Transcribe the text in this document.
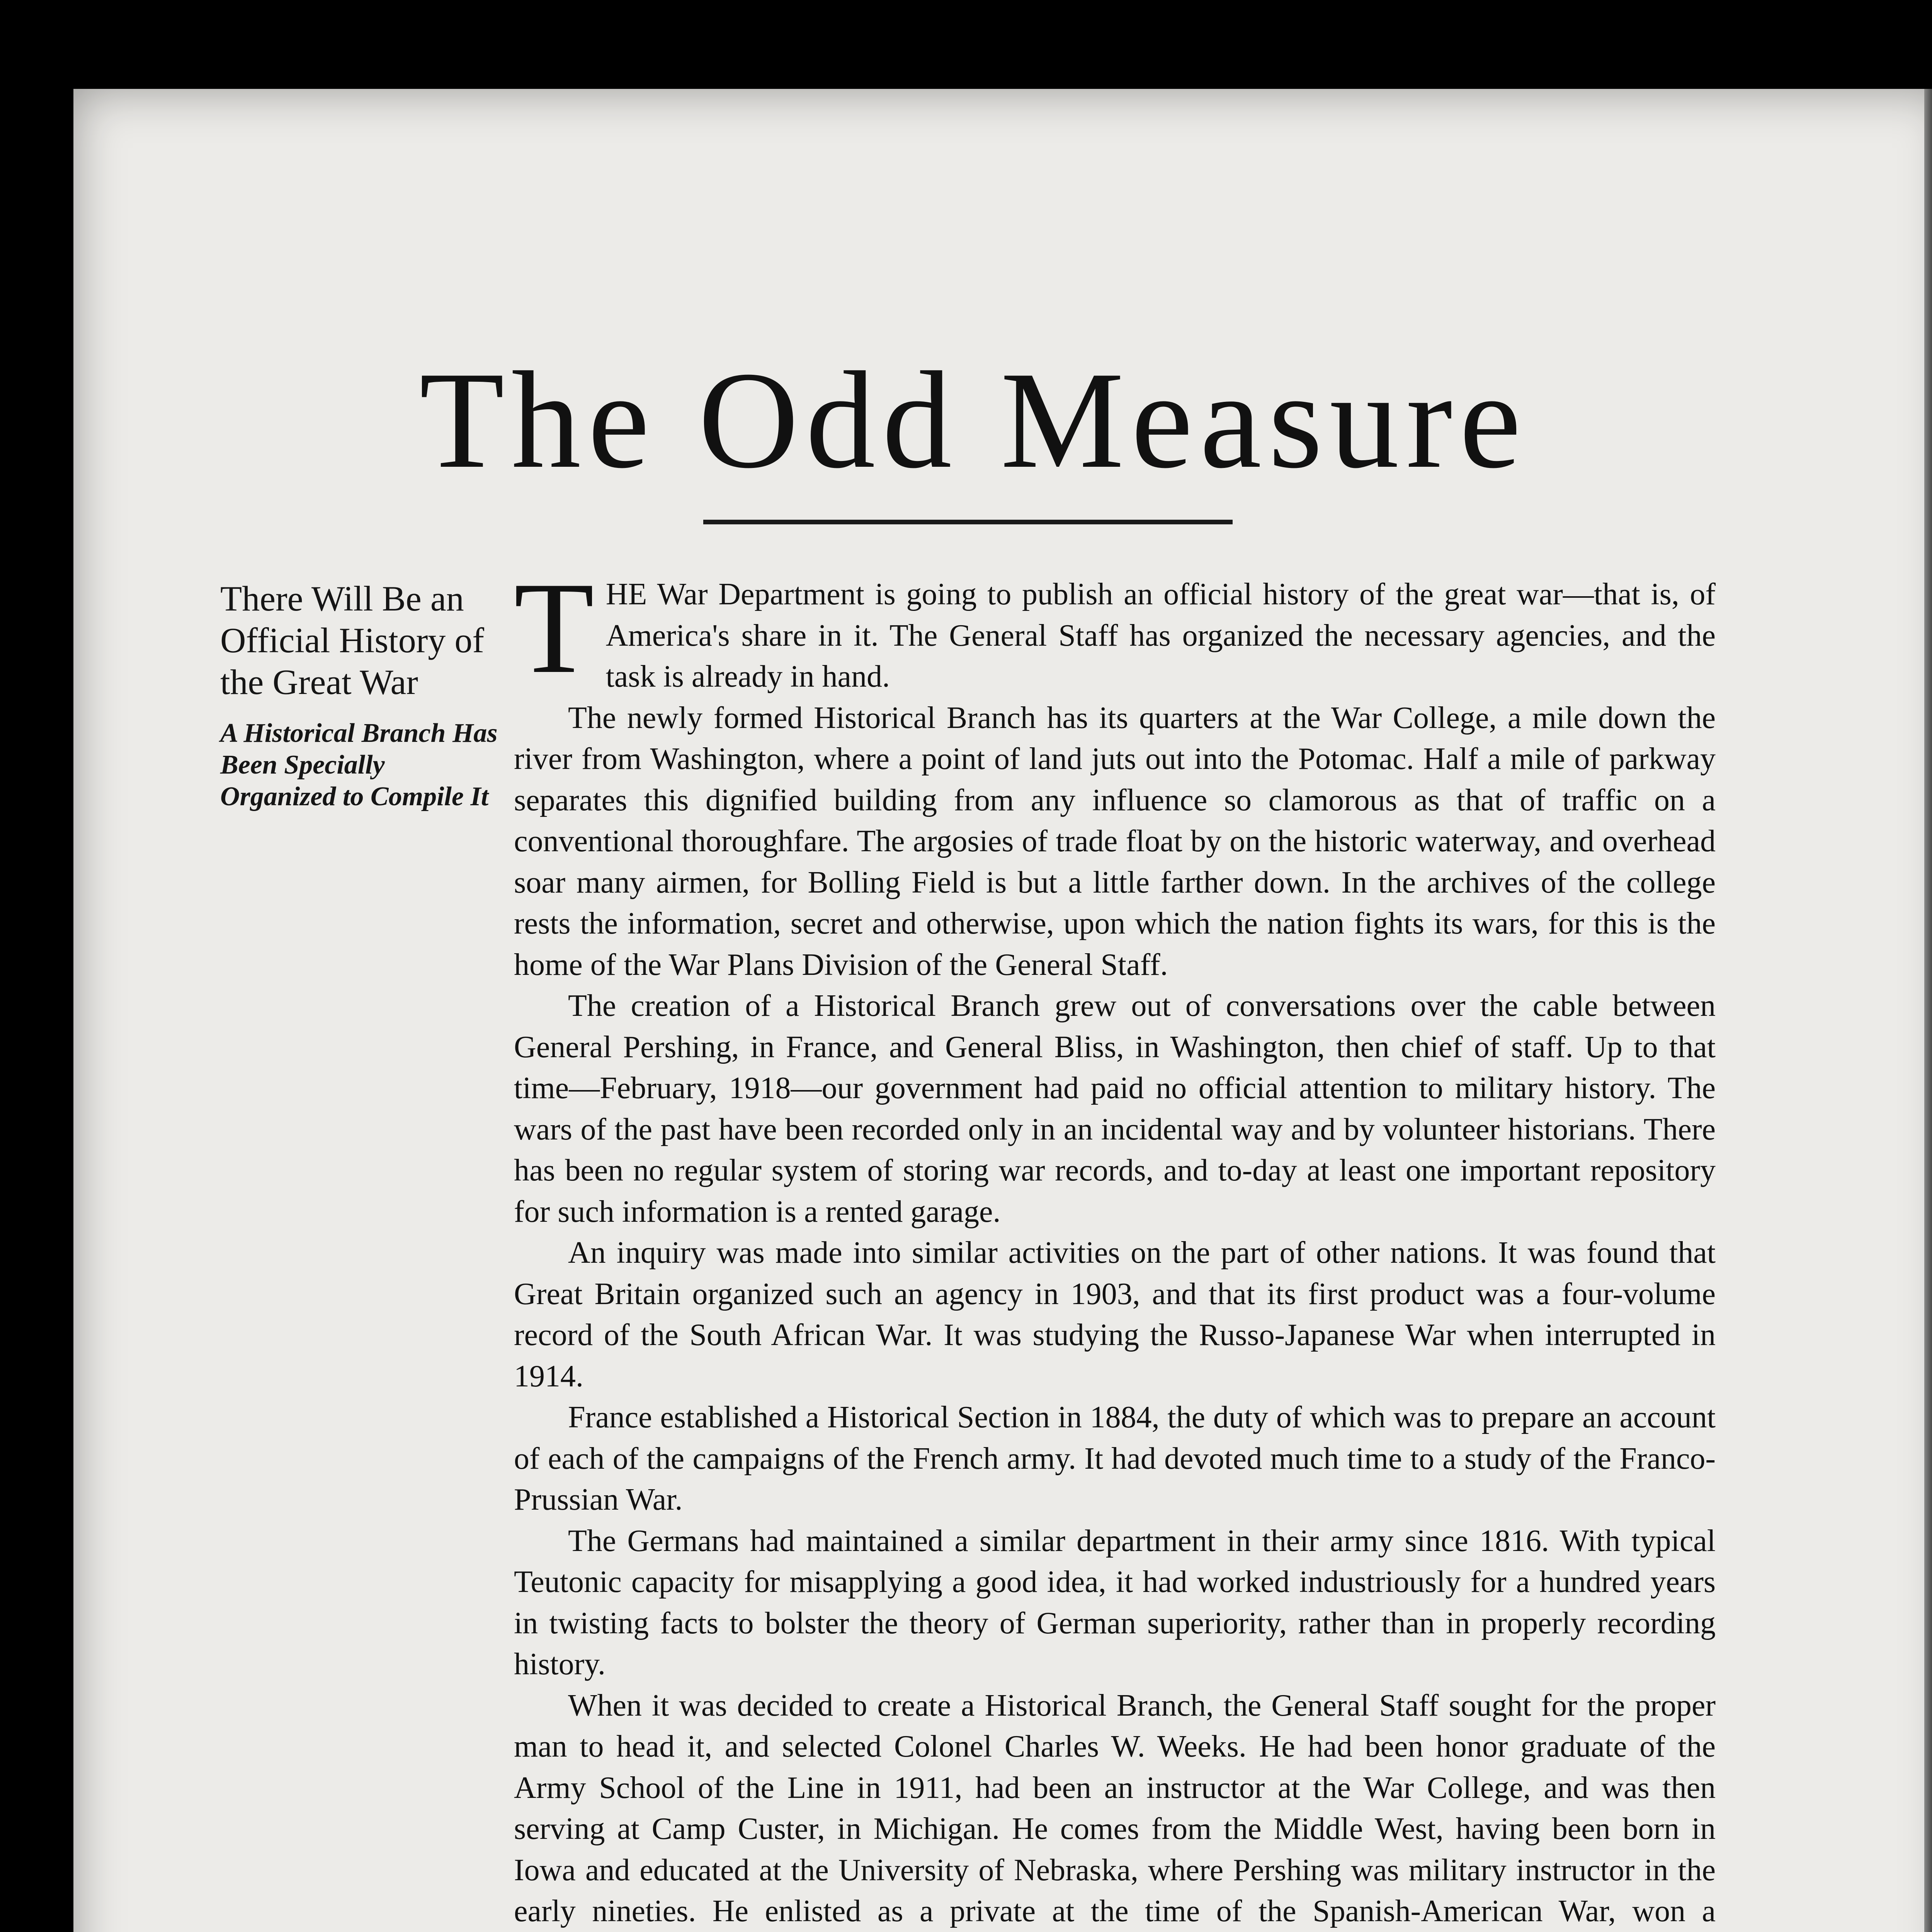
The Odd Measure
There Will Be an Official History of the Great War

A Historical Branch Has Been Specially Organized to Compile It

THE War Department is going to publish an official history of the great war—that is, of America's share in it. The General Staff has organized the necessary agencies, and the task is already in hand.

The newly formed Historical Branch has its quarters at the War College, a mile down the river from Washington, where a point of land juts out into the Potomac. Half a mile of parkway separates this dignified building from any influence so clamorous as that of traffic on a conventional thoroughfare. The argosies of trade float by on the historic waterway, and overhead soar many airmen, for Bolling Field is but a little farther down. In the archives of the college rests the information, secret and otherwise, upon which the nation fights its wars, for this is the home of the War Plans Division of the General Staff.

The creation of a Historical Branch grew out of conversations over the cable between General Pershing, in France, and General Bliss, in Washington, then chief of staff. Up to that time—February, 1918—our government had paid no official attention to military history. The wars of the past have been recorded only in an incidental way and by volunteer historians. There has been no regular system of storing war records, and to-day at least one important repository for such information is a rented garage.

An inquiry was made into similar activities on the part of other nations. It was found that Great Britain organized such an agency in 1903, and that its first product was a four-volume record of the South African War. It was studying the Russo-Japanese War when interrupted in 1914.

France established a Historical Section in 1884, the duty of which was to prepare an account of each of the campaigns of the French army. It had devoted much time to a study of the Franco-Prussian War.

The Germans had maintained a similar department in their army since 1816. With typical Teutonic capacity for misapplying a good idea, it had worked industriously for a hundred years in twisting facts to bolster the theory of German superiority, rather than in properly recording history.

When it was decided to create a Historical Branch, the General Staff sought for the proper man to head it, and selected Colonel Charles W. Weeks. He had been honor graduate of the Army School of the Line in 1911, had been an instructor at the War College, and was then serving at Camp Custer, in Michigan. He comes from the Middle West, having been born in Iowa and educated at the University of Nebraska, where Pershing was military instructor in the early nineties. He enlisted as a private at the time of the Spanish-American War, won a
